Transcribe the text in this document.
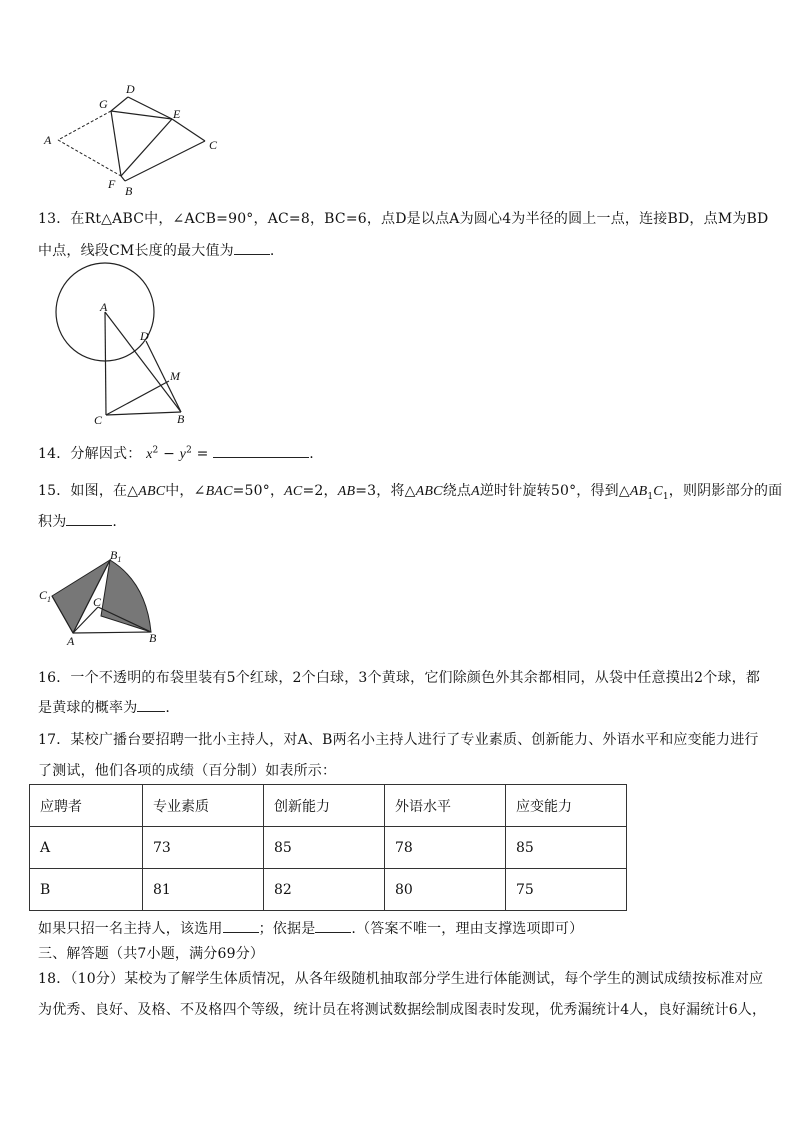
G
D
E
A	C
F B
13．在Rt△ABC中，∠ACB=90°，AC=8，BC=6，点D是以点A为圆心4为半径的圆上一点，连接BD，点M为BD
中点，线段CM长度的最大值为	.
A
D
M
C	B
14．分解因式： $x^2 - y^2$ =	.
15．如图，在△ABC中，∠BAC=50°，AC=2，AB=3，将△ABC绕点A逆时针旋转50°，得到$\triangle AB_1C_1$，则阴影部分的面
积为	.
$B_1$
$C_1$	C
A	B
16．一个不透明的布袋里装有5个红球，2个白球，3个黄球，它们除颜色外其余都相同，从袋中任意摸出2个球，都
是黄球的概率为 .
17．某校广播台要招聘一批小主持人，对A、B两名小主持人进行了专业素质、创新能力、外语水平和应变能力进行
了测试，他们各项的成绩（百分制）如表所示：
应聘者	专业素质	创新能力	外语水平	应变能力
A	73	85	78	85
B	81	82	80	75
如果只招一名主持人，该选用	；依据是	.（答案不唯一，理由支撑选项即可）
三、解答题（共7小题，满分69分）
18．（10分）某校为了解学生体质情况，从各年级随机抽取部分学生进行体能测试，每个学生的测试成绩按标准对应
为优秀、良好、及格、不及格四个等级，统计员在将测试数据绘制成图表时发现，优秀漏统计4人，良好漏统计6人，
